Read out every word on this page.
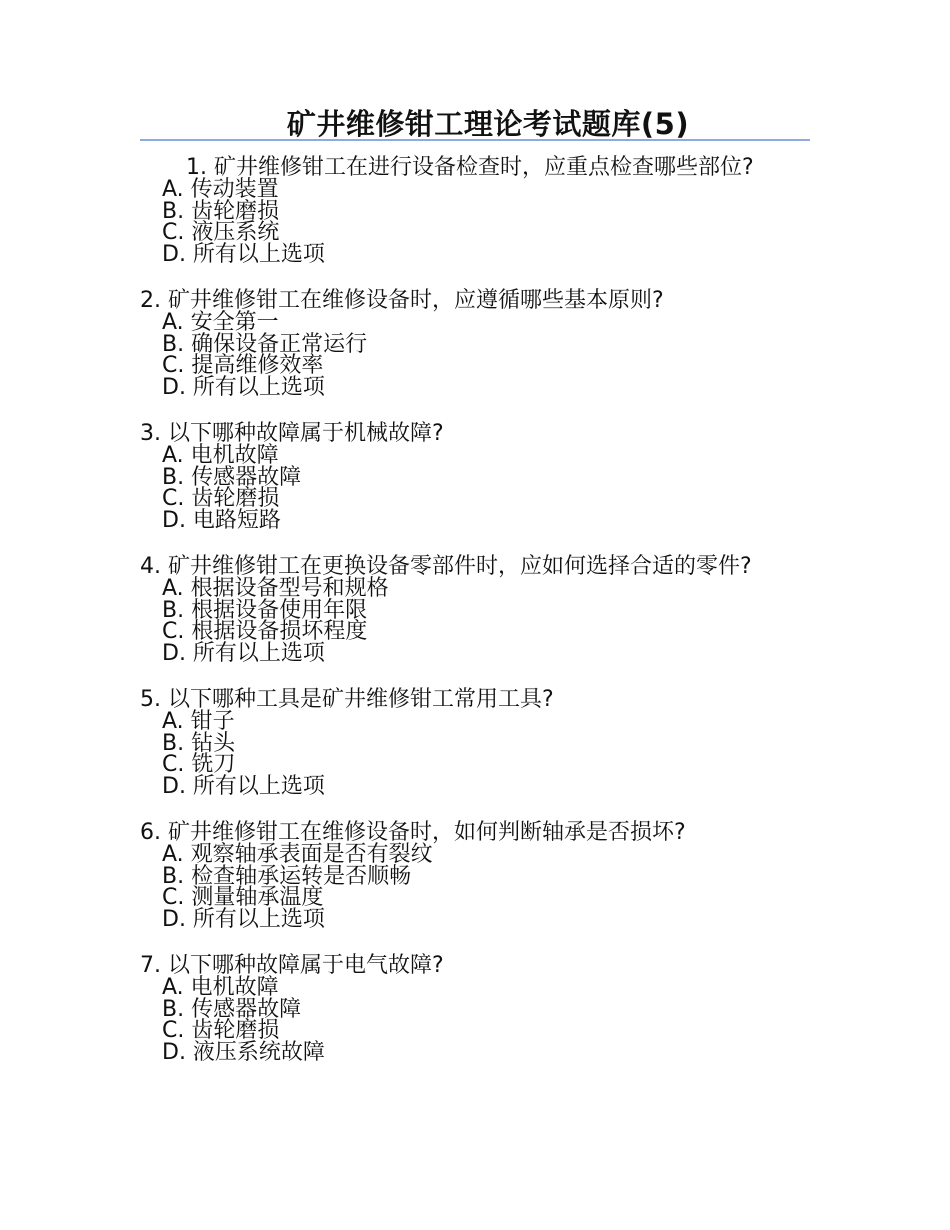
矿井维修钳工理论考试题库(5)

1. 矿井维修钳工在进行设备检查时，应重点检查哪些部位?

A. 传动装置
B. 齿轮磨损
C. 液压系统
D. 所有以上选项

2. 矿井维修钳工在维修设备时，应遵循哪些基本原则?

A. 安全第一
B. 确保设备正常运行
C. 提高维修效率
D. 所有以上选项

3. 以下哪种故障属于机械故障?

A. 电机故障
B. 传感器故障
C. 齿轮磨损
D. 电路短路

4. 矿井维修钳工在更换设备零部件时，应如何选择合适的零件?

A. 根据设备型号和规格
B. 根据设备使用年限
C. 根据设备损坏程度
D. 所有以上选项

5. 以下哪种工具是矿井维修钳工常用工具?

A. 钳子
B. 钻头
C. 铣刀
D. 所有以上选项

6. 矿井维修钳工在维修设备时，如何判断轴承是否损坏?

A. 观察轴承表面是否有裂纹
B. 检查轴承运转是否顺畅
C. 测量轴承温度
D. 所有以上选项

7. 以下哪种故障属于电气故障?

A. 电机故障
B. 传感器故障
C. 齿轮磨损
D. 液压系统故障
